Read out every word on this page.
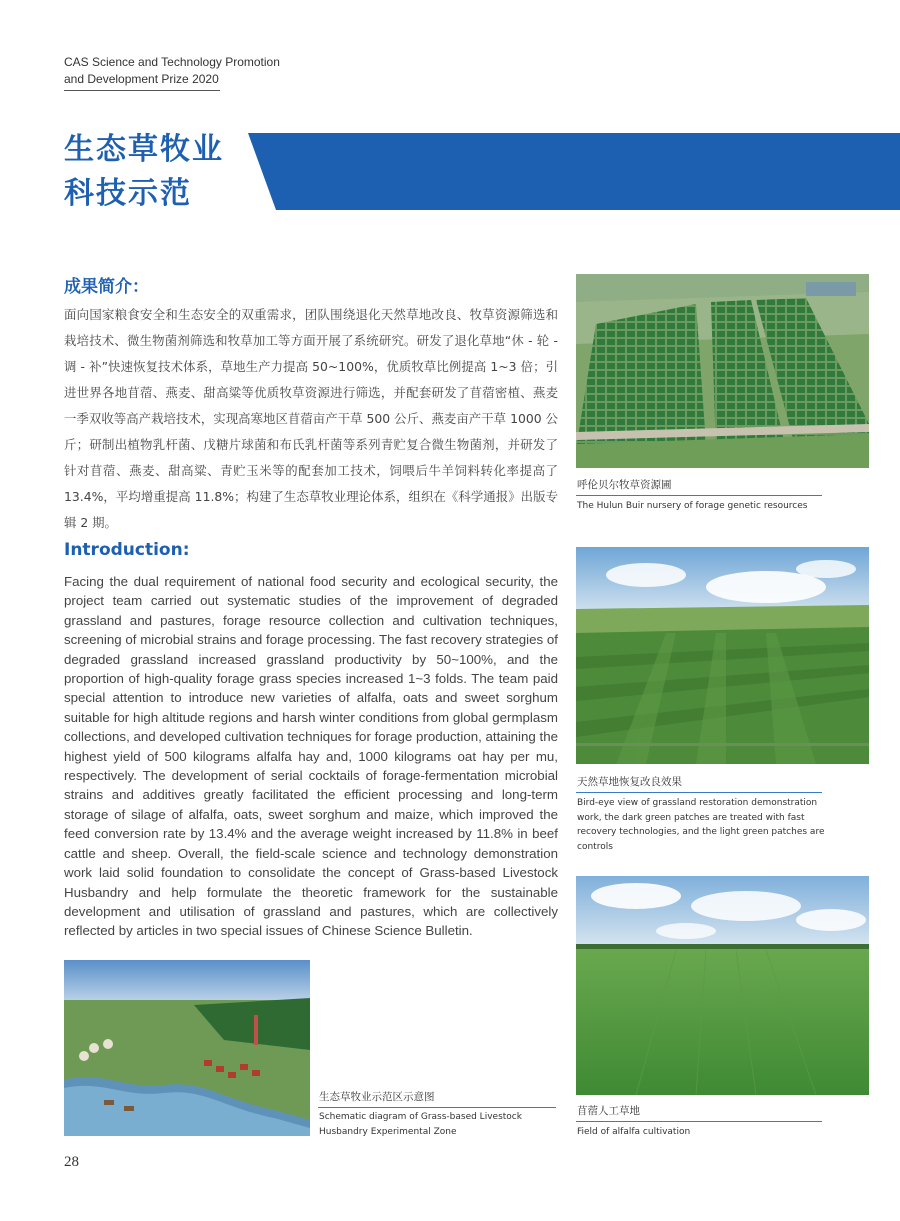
CAS Science and Technology Promotion
and Development Prize 2020
生态草牧业
科技示范
成果简介：
面向国家粮食安全和生态安全的双重需求，团队围绕退化天然草地改良、牧草资源筛选和栽培技术、微生物菌剂筛选和牧草加工等方面开展了系统研究。研发了退化草地“休 - 轮 - 调 - 补”快速恢复技术体系，草地生产力提高 50~100%，优质牧草比例提高 1~3 倍；引进世界各地苜蓿、燕麦、甜高粱等优质牧草资源进行筛选，并配套研发了苜蓿密植、燕麦一季双收等高产栽培技术，实现高寒地区苜蓿亩产干草 500 公斤、燕麦亩产干草 1000 公斤；研制出植物乳杆菌、戊糖片球菌和布氏乳杆菌等系列青贮复合微生物菌剂，并研发了针对苜蓿、燕麦、甜高粱、青贮玉米等的配套加工技术，饲喂后牛羊饲料转化率提高了 13.4%，平均增重提高 11.8%；构建了生态草牧业理论体系，组织在《科学通报》出版专辑 2 期。
Introduction:
Facing the dual requirement of national food security and ecological security, the project team carried out systematic studies of the improvement of degraded grassland and pastures, forage resource collection and cultivation techniques, screening of microbial strains and forage processing. The fast recovery strategies of degraded grassland increased grassland productivity by 50~100%, and the proportion of high-quality forage grass species increased 1~3 folds. The team paid special attention to introduce new varieties of alfalfa, oats and sweet sorghum suitable for high altitude regions and harsh winter conditions from global germplasm collections, and developed cultivation techniques for forage production, attaining the highest yield of 500 kilograms alfalfa hay and, 1000 kilograms oat hay per mu, respectively. The development of serial cocktails of forage-fermentation microbial strains and additives greatly facilitated the efficient processing and long-term storage of silage of alfalfa, oats, sweet sorghum and maize, which improved the feed conversion rate by 13.4% and the average weight increased by 11.8% in beef cattle and sheep. Overall, the field-scale science and technology demonstration work laid solid foundation to consolidate the concept of Grass-based Livestock Husbandry and help formulate the theoretic framework for the sustainable development and utilisation of grassland and pastures, which are collectively reflected by articles in two special issues of Chinese Science Bulletin.
呼伦贝尔牧草资源圃
The Hulun Buir nursery of forage genetic resources
天然草地恢复改良效果
Bird-eye view of grassland restoration demonstration
work, the dark green patches are treated with fast
recovery technologies, and the light green patches are
controls
苜蓿人工草地
Field of alfalfa cultivation
生态草牧业示范区示意图
Schematic diagram of Grass-based Livestock
Husbandry Experimental Zone
28
